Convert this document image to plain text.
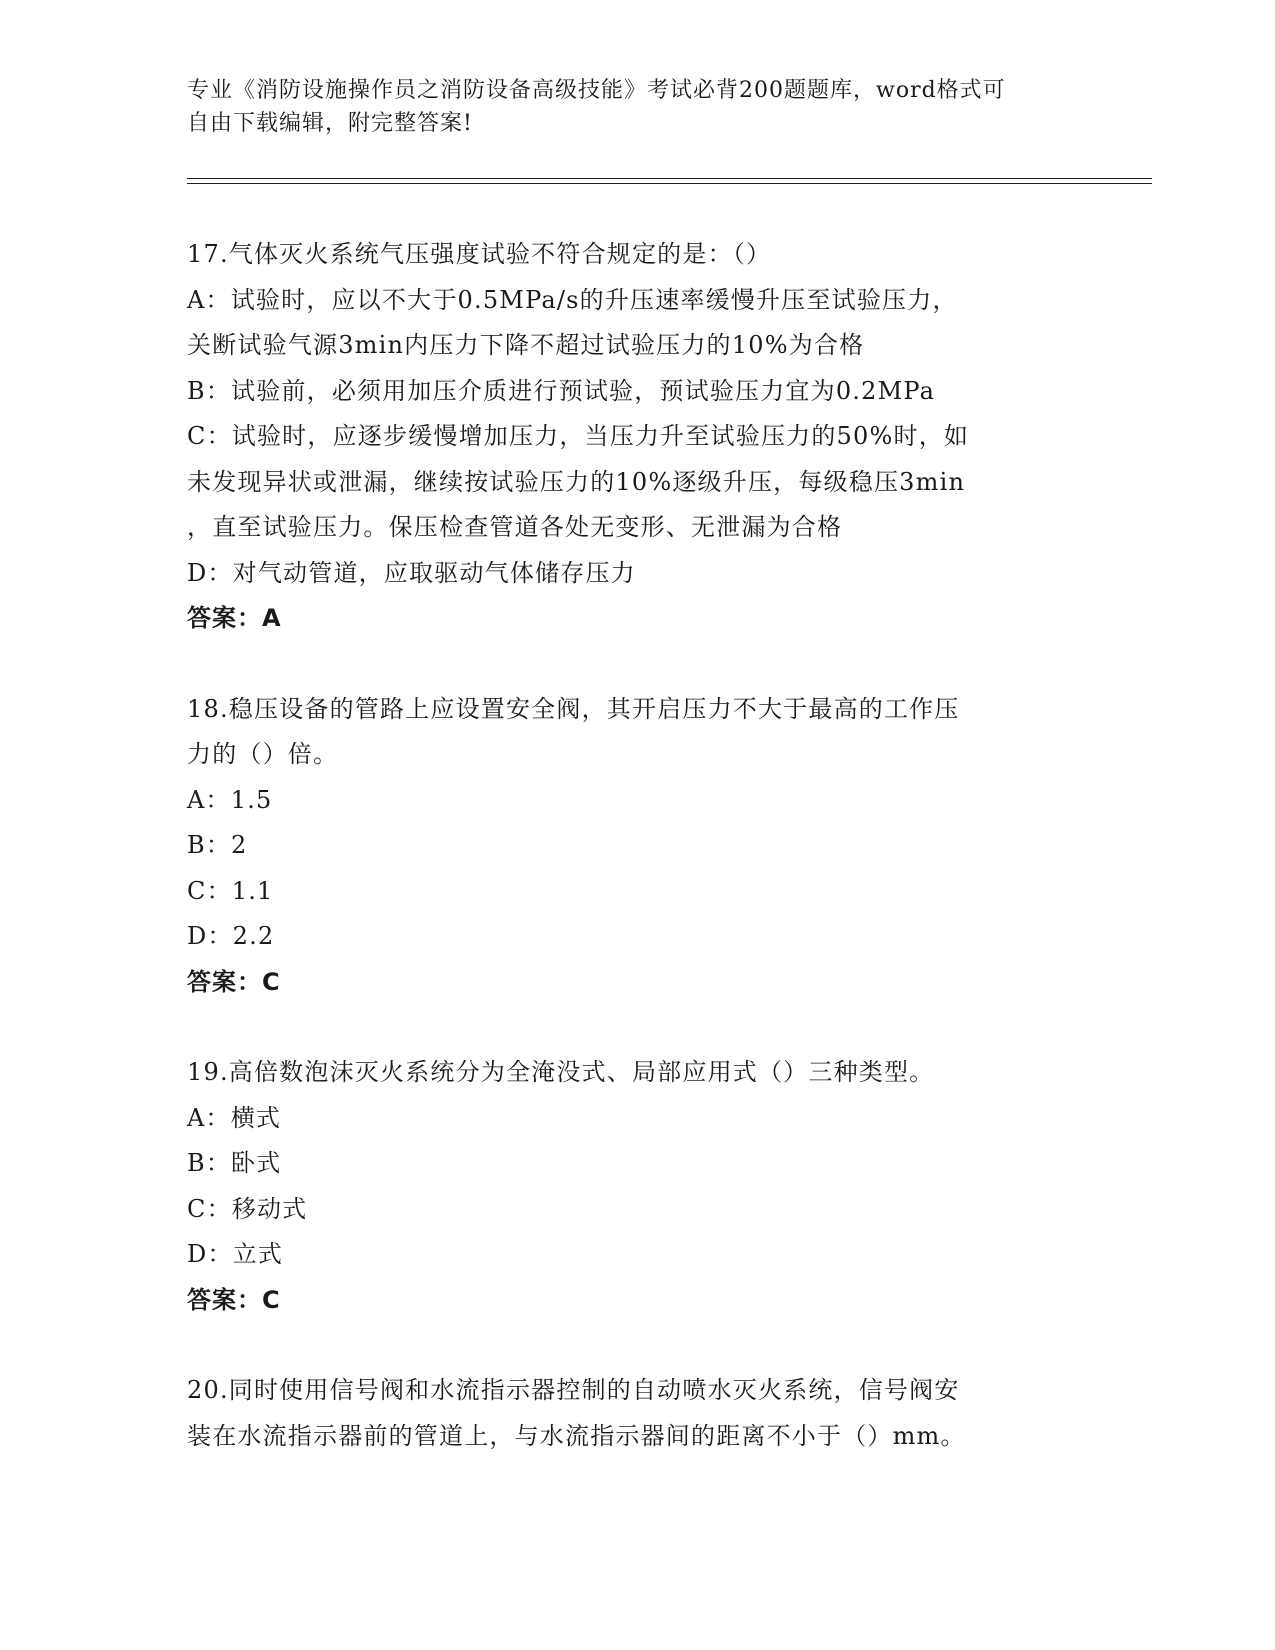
专业《消防设施操作员之消防设备高级技能》考试必背200题题库，word格式可
自由下载编辑，附完整答案!
17.气体灭火系统气压强度试验不符合规定的是：（）
A：试验时，应以不大于0.5MPa/s的升压速率缓慢升压至试验压力，
关断试验气源3min内压力下降不超过试验压力的10%为合格
B：试验前，必须用加压介质进行预试验，预试验压力宜为0.2MPa
C：试验时，应逐步缓慢增加压力，当压力升至试验压力的50%时，如
未发现异状或泄漏，继续按试验压力的10%逐级升压，每级稳压3min
，直至试验压力。保压检查管道各处无变形、无泄漏为合格
D：对气动管道，应取驱动气体储存压力
答案：A
18.稳压设备的管路上应设置安全阀，其开启压力不大于最高的工作压
力的（）倍。
A：1.5
B：2
C：1.1
D：2.2
答案：C
19.高倍数泡沫灭火系统分为全淹没式、局部应用式（）三种类型。
A：横式
B：卧式
C：移动式
D：立式
答案：C
20.同时使用信号阀和水流指示器控制的自动喷水灭火系统，信号阀安
装在水流指示器前的管道上，与水流指示器间的距离不小于（）mm。
